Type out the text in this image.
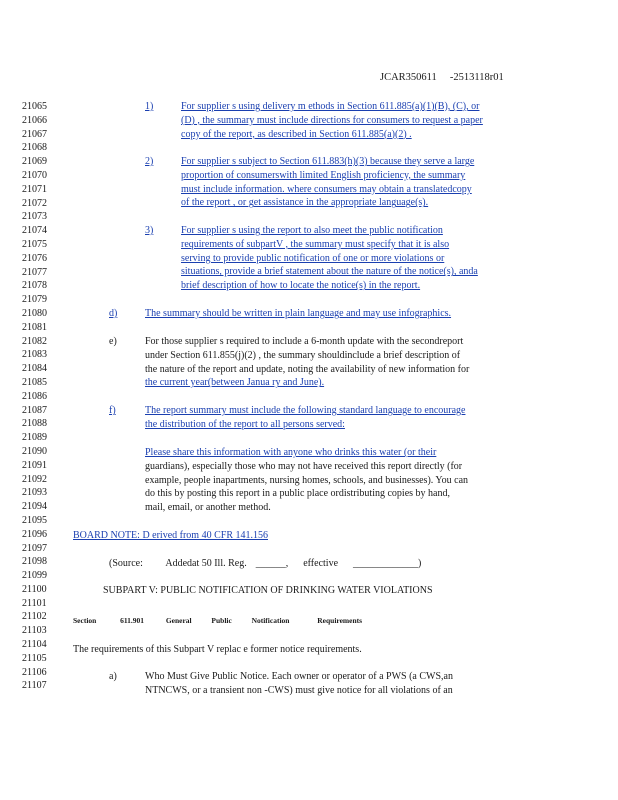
JCAR350611     -2513118r01
21065
21066
21067
21068
21069
21070
21071
21072
21073
21074
21075
21076
21077
21078
21079
21080
21081
21082
21083
21084
21085
21086
21087
21088
21089
21090
21091
21092
21093
21094
21095
21096
21097
21098
21099
21100
21101
21102
21103
21104
21105
21106
21107
1)	For supplier s using delivery m ethods in Section 611.885(a)(1)(B), (C), or
(D) , the summary must include directions for consumers to request a paper
copy of the report, as described in Section 611.885(a)(2) .
2)	For supplier s subject to Section 611.883(h)(3) because they serve a large
proportion of consumerswith limited English proficiency, the summary
must include information. where consumers may obtain a translatedcopy
of the report , or get assistance in the appropriate language(s).
3)	For supplier s using the report to also meet the public notification
requirements of subpartV , the summary must specify that it is also
serving to provide public notification of one or more violations or
situations, provide a brief statement about the nature of the notice(s), anda
brief description of how to locate the notice(s) in the report.
d)	The summary should be written in plain language and may use infographics.
e)	For those supplier s required to include a 6-month update with the secondreport
under Section 611.855(j)(2) , the summary shouldinclude a brief description of
the nature of the report and update, noting the availability of new information for
the current year(between Janua ry and June).
f)	The report summary must include the following standard language to encourage
the distribution of the report to all persons served:
Please share this information with anyone who drinks this water (or their
guardians), especially those who may not have received this report directly (for
example, people inapartments, nursing homes, schools, and businesses). You can
do this by posting this report in a public place ordistributing copies by hand,
mail, email, or another method.
BOARD NOTE: D erived from 40 CFR 141.156
(Source: Addedat 50 Ill. Reg. ______, effective _____________)
SUBPART V: PUBLIC NOTIFICATION OF DRINKING WATER VIOLATIONS
Section	611.901	General	Public	Notification	Requirements
The requirements of this Subpart V replac e former notice requirements.
a)	Who Must Give Public Notice. Each owner or operator of a PWS (a CWS,an
NTNCWS, or a transient non -CWS) must give notice for all violations of an
